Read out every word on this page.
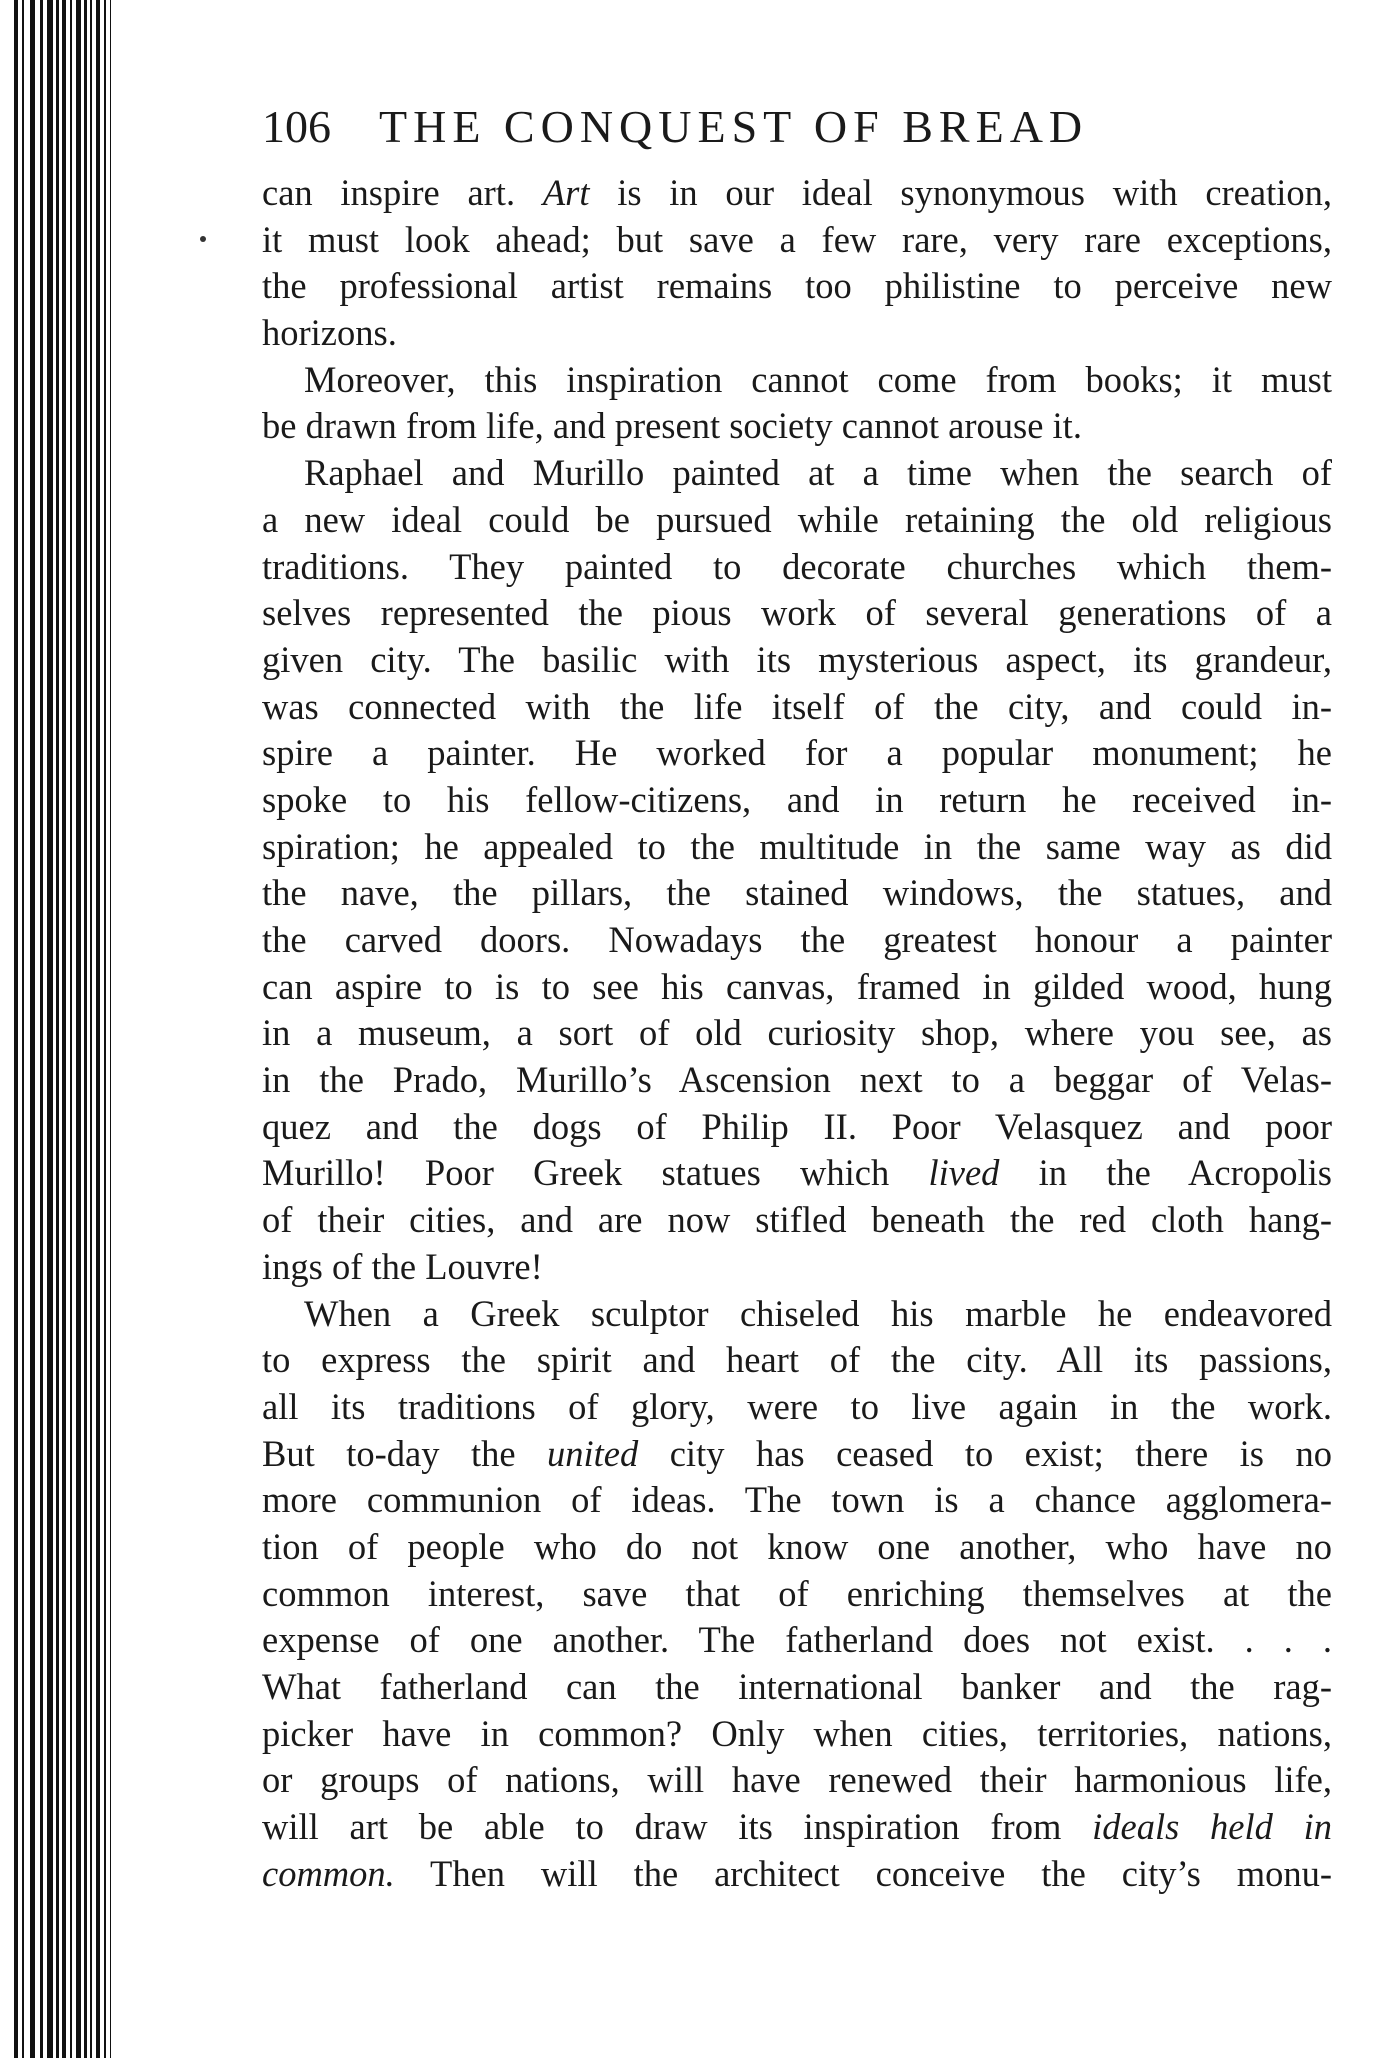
106 THE CONQUEST OF BREAD
can inspire art. Art is in our ideal synonymous with creation,
it must look ahead; but save a few rare, very rare exceptions,
the professional artist remains too philistine to perceive new
horizons.
Moreover, this inspiration cannot come from books; it must
be drawn from life, and present society cannot arouse it.
Raphael and Murillo painted at a time when the search of
a new ideal could be pursued while retaining the old religious
traditions. They painted to decorate churches which them-
selves represented the pious work of several generations of a
given city. The basilic with its mysterious aspect, its grandeur,
was connected with the life itself of the city, and could in-
spire a painter. He worked for a popular monument; he
spoke to his fellow-citizens, and in return he received in-
spiration; he appealed to the multitude in the same way as did
the nave, the pillars, the stained windows, the statues, and
the carved doors. Nowadays the greatest honour a painter
can aspire to is to see his canvas, framed in gilded wood, hung
in a museum, a sort of old curiosity shop, where you see, as
in the Prado, Murillo’s Ascension next to a beggar of Velas-
quez and the dogs of Philip II. Poor Velasquez and poor
Murillo! Poor Greek statues which lived in the Acropolis
of their cities, and are now stifled beneath the red cloth hang-
ings of the Louvre!
When a Greek sculptor chiseled his marble he endeavored
to express the spirit and heart of the city. All its passions,
all its traditions of glory, were to live again in the work.
But to-day the united city has ceased to exist; there is no
more communion of ideas. The town is a chance agglomera-
tion of people who do not know one another, who have no
common interest, save that of enriching themselves at the
expense of one another. The fatherland does not exist. . . .
What fatherland can the international banker and the rag-
picker have in common? Only when cities, territories, nations,
or groups of nations, will have renewed their harmonious life,
will art be able to draw its inspiration from ideals held in
common. Then will the architect conceive the city’s monu-
